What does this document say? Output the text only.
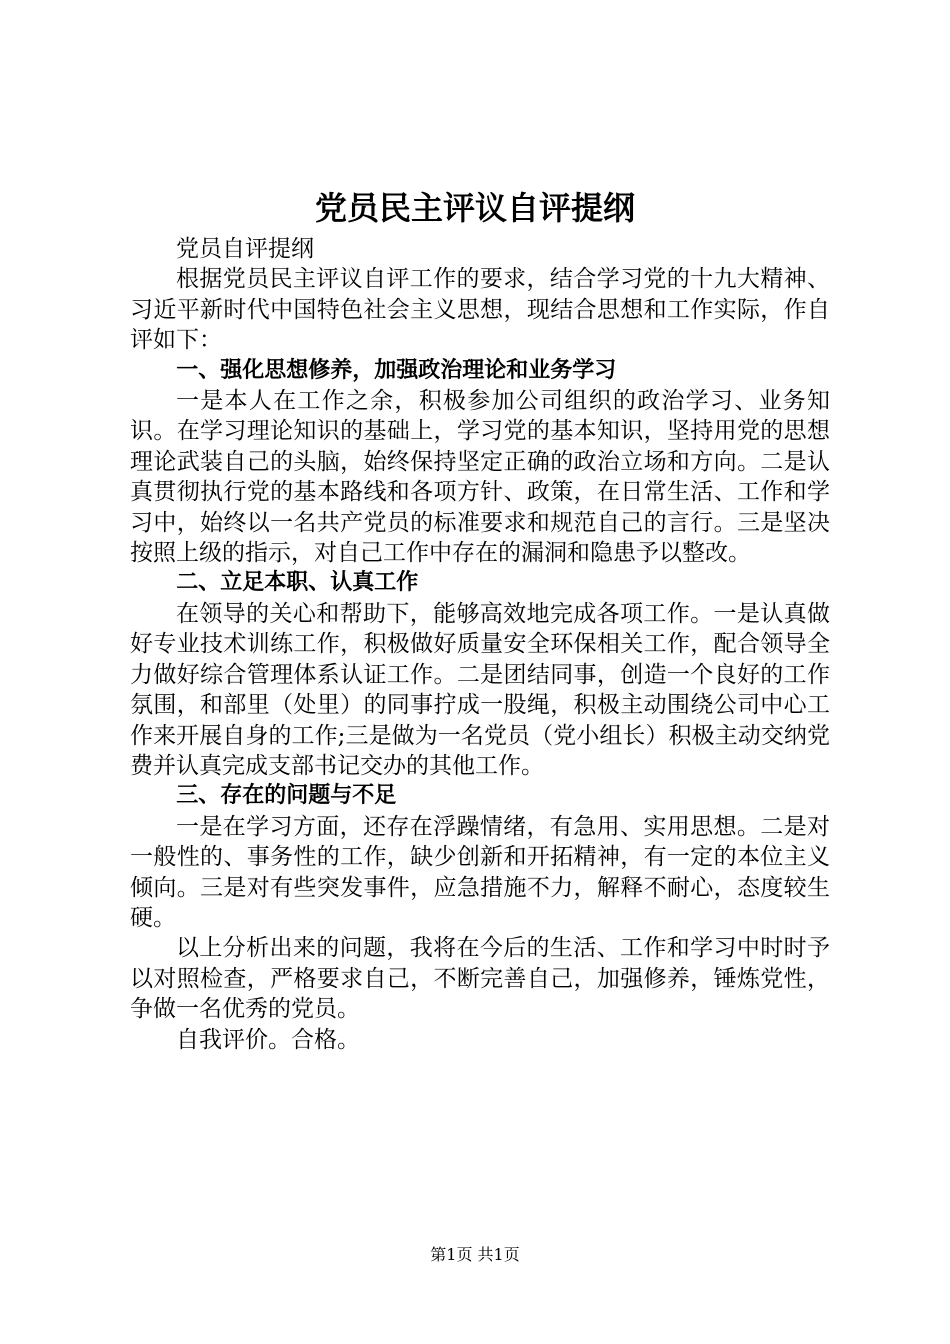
党员民主评议自评提纲

党员自评提纲

根据党员民主评议自评工作的要求，结合学习党的十九大精神、习近平新时代中国特色社会主义思想，现结合思想和工作实际，作自评如下：

一、强化思想修养，加强政治理论和业务学习

一是本人在工作之余，积极参加公司组织的政治学习、业务知识。在学习理论知识的基础上，学习党的基本知识，坚持用党的思想理论武装自己的头脑，始终保持坚定正确的政治立场和方向。二是认真贯彻执行党的基本路线和各项方针、政策，在日常生活、工作和学习中，始终以一名共产党员的标准要求和规范自己的言行。三是坚决按照上级的指示，对自己工作中存在的漏洞和隐患予以整改。

二、立足本职、认真工作

在领导的关心和帮助下，能够高效地完成各项工作。一是认真做好专业技术训练工作，积极做好质量安全环保相关工作，配合领导全力做好综合管理体系认证工作。二是团结同事，创造一个良好的工作氛围，和部里（处里）的同事拧成一股绳，积极主动围绕公司中心工作来开展自身的工作;三是做为一名党员（党小组长）积极主动交纳党费并认真完成支部书记交办的其他工作。

三、存在的问题与不足

一是在学习方面，还存在浮躁情绪，有急用、实用思想。二是对一般性的、事务性的工作，缺少创新和开拓精神，有一定的本位主义倾向。三是对有些突发事件，应急措施不力，解释不耐心，态度较生硬。

以上分析出来的问题，我将在今后的生活、工作和学习中时时予以对照检查，严格要求自己，不断完善自己，加强修养，锤炼党性，争做一名优秀的党员。

自我评价。合格。

第1页 共1页
